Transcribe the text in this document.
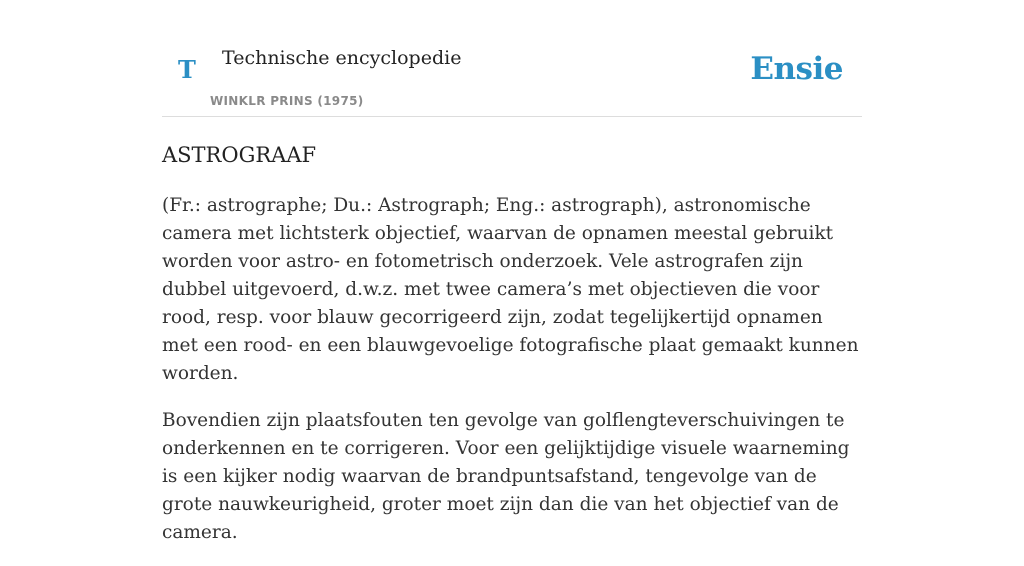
T Technische encyclopedie
WINKLR PRINS (1975)
Ensie
ASTROGRAAF

(Fr.: astrographe; Du.: Astrograph; Eng.: astrograph), astronomische camera met lichtsterk objectief, waarvan de opnamen meestal gebruikt worden voor astro- en fotometrisch onderzoek. Vele astrografen zijn dubbel uitgevoerd, d.w.z. met twee camera’s met objectieven die voor rood, resp. voor blauw gecorrigeerd zijn, zodat tegelijkertijd opnamen met een rood- en een blauwgevoelige fotografische plaat gemaakt kunnen worden.

Bovendien zijn plaatsfouten ten gevolge van golflengteverschuivingen te onderkennen en te corrigeren. Voor een gelijktijdige visuele waarneming is een kijker nodig waarvan de brandpuntsafstand, tengevolge van de grote nauwkeurigheid, groter moet zijn dan die van het objectief van de camera.
